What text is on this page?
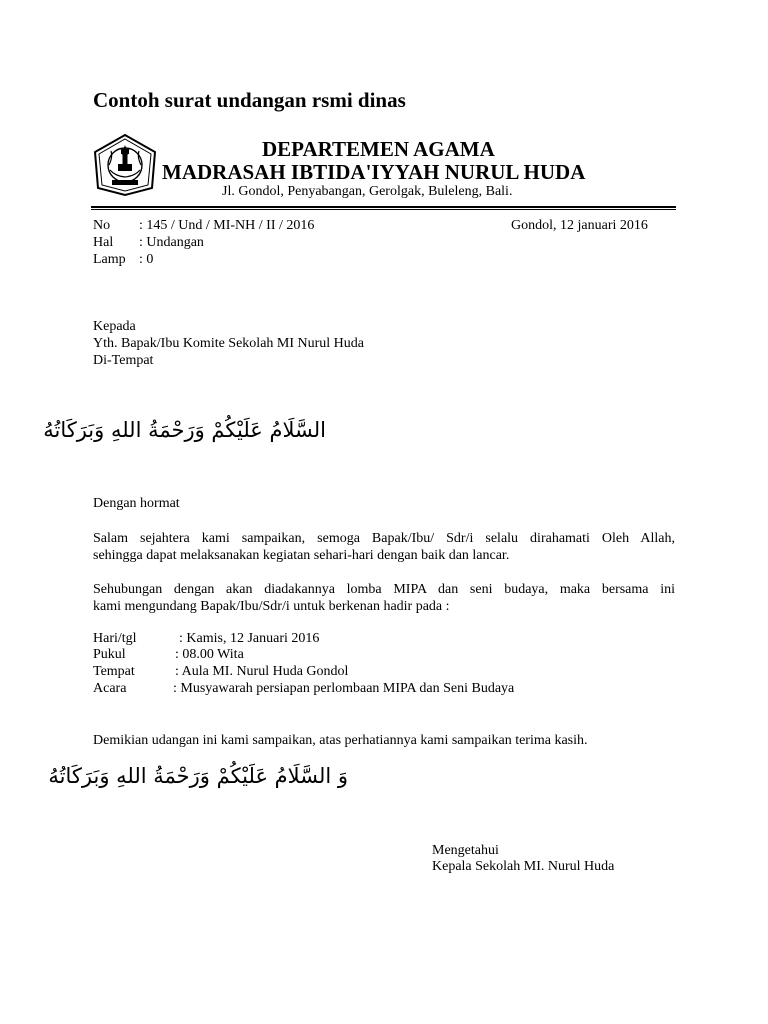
Contoh surat undangan rsmi dinas
DEPARTEMEN AGAMA
MADRASAH IBTIDA'IYYAH NURUL HUDA
Jl. Gondol, Penyabangan, Gerolgak, Buleleng, Bali.
No : 145 / Und / MI-NH / II / 2016	Gondol, 12 januari 2016
Hal : Undangan
Lamp : 0
Kepada
Yth. Bapak/Ibu Komite Sekolah MI Nurul Huda
Di-Tempat
السَّلَامُ عَلَيْكُمْ وَرَحْمَةُ اللهِ وَبَرَكَاتُهُ
Dengan hormat
Salam sejahtera kami sampaikan, semoga Bapak/Ibu/ Sdr/i selalu dirahamati Oleh Allah,
sehingga dapat melaksanakan kegiatan sehari-hari dengan baik dan lancar.
Sehubungan dengan akan diadakannya lomba MIPA dan seni budaya, maka bersama ini
kami mengundang Bapak/Ibu/Sdr/i untuk berkenan hadir pada :
Hari/tgl	: Kamis, 12 Januari 2016
Pukul	: 08.00 Wita
Tempat	: Aula MI. Nurul Huda Gondol
Acara	: Musyawarah persiapan perlombaan MIPA dan Seni Budaya
Demikian udangan ini kami sampaikan, atas perhatiannya kami sampaikan terima kasih.
وَ السَّلَامُ عَلَيْكُمْ وَرَحْمَةُ اللهِ وَبَرَكَاتُهُ
Mengetahui
Kepala Sekolah MI. Nurul Huda
